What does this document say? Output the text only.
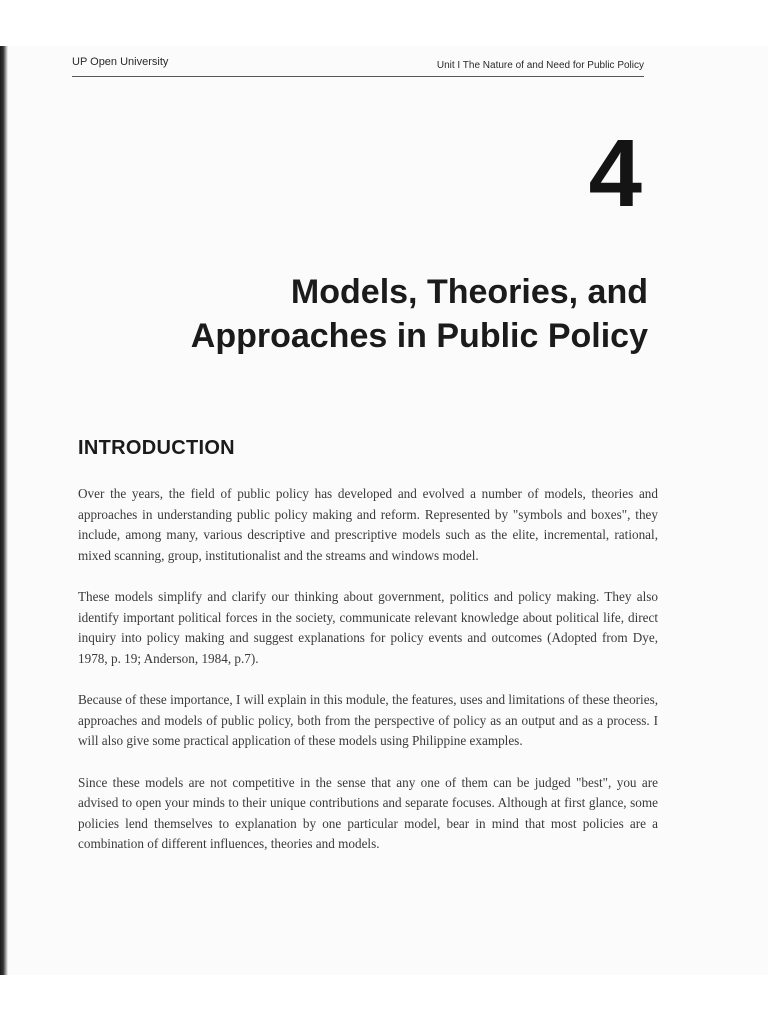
UP Open University	Unit I The Nature of and Need for Public Policy
4
Models, Theories, and
Approaches in Public Policy
INTRODUCTION

Over the years, the field of public policy has developed and evolved a number of models, theories and approaches in understanding public policy making and reform. Represented by "symbols and boxes", they include, among many, various descriptive and prescriptive models such as the elite, incremental, rational, mixed scanning, group, institutionalist and the streams and windows model.

These models simplify and clarify our thinking about government, politics and policy making. They also identify important political forces in the society, communicate relevant knowledge about political life, direct inquiry into policy making and suggest explanations for policy events and outcomes (Adopted from Dye, 1978, p. 19; Anderson, 1984, p.7).

Because of these importance, I will explain in this module, the features, uses and limitations of these theories, approaches and models of public policy, both from the perspective of policy as an output and as a process. I will also give some practical application of these models using Philippine examples.

Since these models are not competitive in the sense that any one of them can be judged "best", you are advised to open your minds to their unique contributions and separate focuses. Although at first glance, some policies lend themselves to explanation by one particular model, bear in mind that most policies are a combination of different influences, theories and models.
